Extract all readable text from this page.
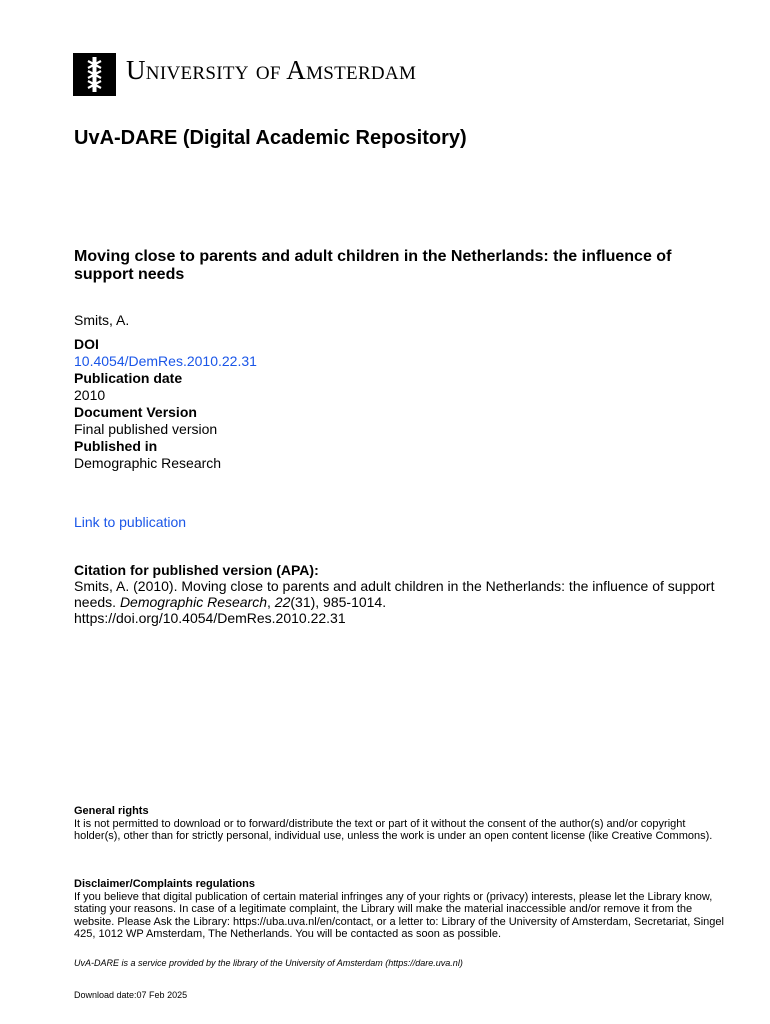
University of Amsterdam
UvA-DARE (Digital Academic Repository)
Moving close to parents and adult children in the Netherlands: the influence of support needs
Smits, A.
DOI
10.4054/DemRes.2010.22.31
Publication date
2010
Document Version
Final published version
Published in
Demographic Research
Link to publication
Citation for published version (APA):
Smits, A. (2010). Moving close to parents and adult children in the Netherlands: the influence of support needs. Demographic Research, 22(31), 985-1014.
https://doi.org/10.4054/DemRes.2010.22.31
General rights
It is not permitted to download or to forward/distribute the text or part of it without the consent of the author(s) and/or copyright holder(s), other than for strictly personal, individual use, unless the work is under an open content license (like Creative Commons).
Disclaimer/Complaints regulations
If you believe that digital publication of certain material infringes any of your rights or (privacy) interests, please let the Library know, stating your reasons. In case of a legitimate complaint, the Library will make the material inaccessible and/or remove it from the website. Please Ask the Library: https://uba.uva.nl/en/contact, or a letter to: Library of the University of Amsterdam, Secretariat, Singel 425, 1012 WP Amsterdam, The Netherlands. You will be contacted as soon as possible.
UvA-DARE is a service provided by the library of the University of Amsterdam (https://dare.uva.nl)
Download date:07 Feb 2025
